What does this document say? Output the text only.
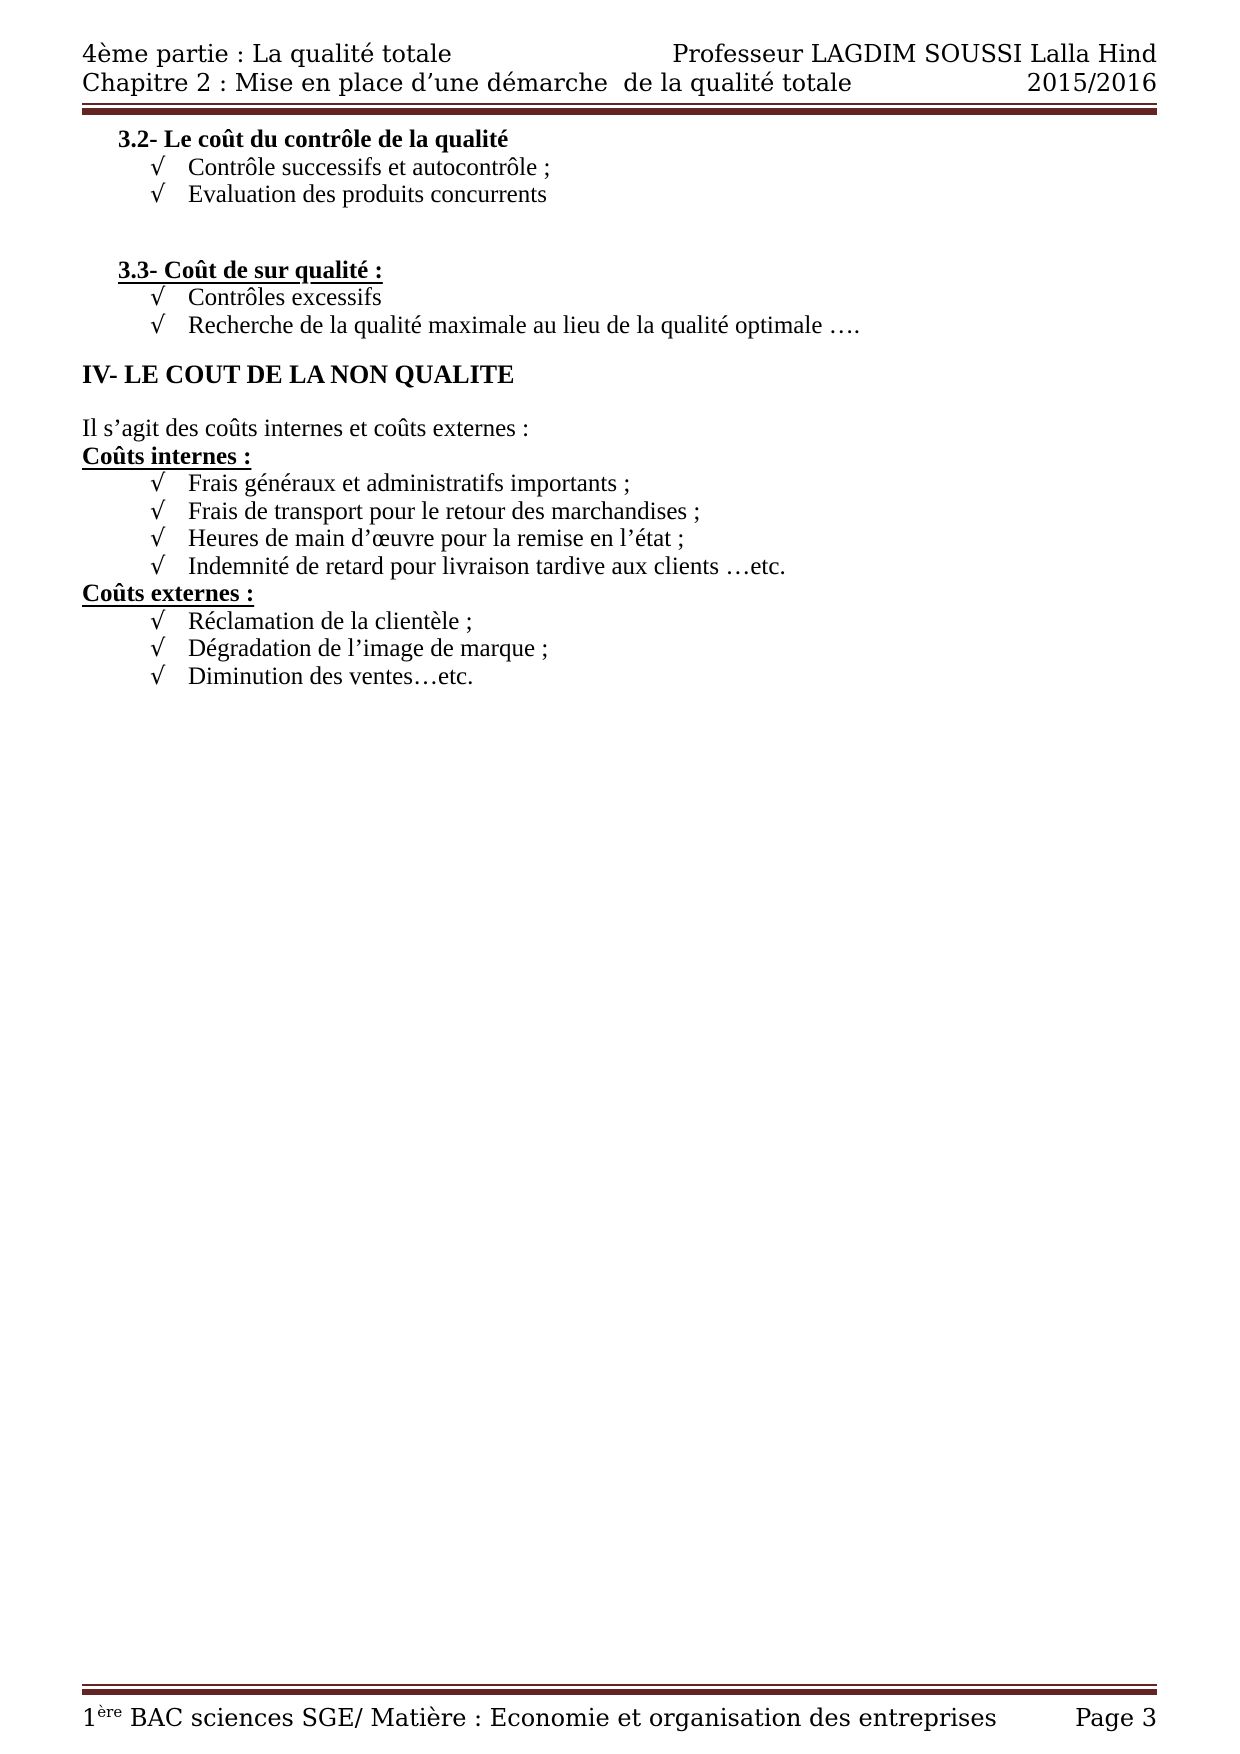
4ème partie : La qualité totale	Professeur LAGDIM SOUSSI Lalla Hind
Chapitre 2 : Mise en place d’une démarche  de la qualité totale	2015/2016
3.2- Le coût du contrôle de la qualité
√ Contrôle successifs et autocontrôle ;
√ Evaluation des produits concurrents
3.3- Coût de sur qualité :
√ Contrôles excessifs
√ Recherche de la qualité maximale au lieu de la qualité optimale ….
IV- LE COUT DE LA NON QUALITE
Il s’agit des coûts internes et coûts externes :
Coûts internes :
√ Frais généraux et administratifs importants ;
√ Frais de transport pour le retour des marchandises ;
√ Heures de main d’œuvre pour la remise en l’état ;
√ Indemnité de retard pour livraison tardive aux clients …etc.
Coûts externes :
√ Réclamation de la clientèle ;
√ Dégradation de l’image de marque ;
√ Diminution des ventes…etc.
1ère BAC sciences SGE/ Matière : Economie et organisation des entreprises	Page 3
